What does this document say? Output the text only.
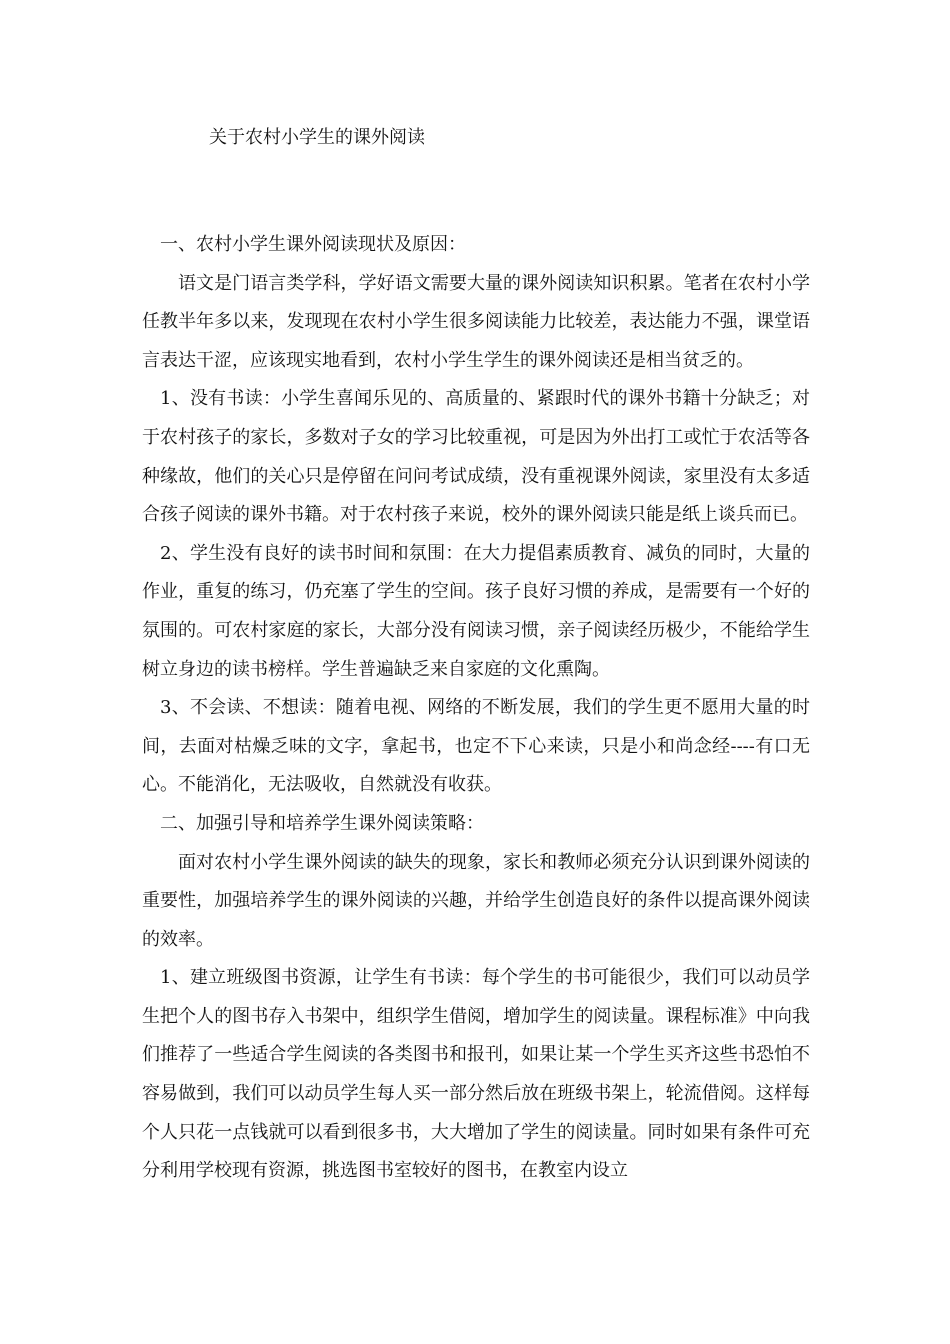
关于农村小学生的课外阅读

一、农村小学生课外阅读现状及原因：

语文是门语言类学科，学好语文需要大量的课外阅读知识积累。笔者在农村小学任教半年多以来，发现现在农村小学生很多阅读能力比较差，表达能力不强，课堂语言表达干涩，应该现实地看到，农村小学生学生的课外阅读还是相当贫乏的。

1、没有书读：小学生喜闻乐见的、高质量的、紧跟时代的课外书籍十分缺乏；对于农村孩子的家长，多数对子女的学习比较重视，可是因为外出打工或忙于农活等各种缘故，他们的关心只是停留在问问考试成绩，没有重视课外阅读，家里没有太多适合孩子阅读的课外书籍。对于农村孩子来说，校外的课外阅读只能是纸上谈兵而已。

2、学生没有良好的读书时间和氛围：在大力提倡素质教育、减负的同时，大量的作业，重复的练习，仍充塞了学生的空间。孩子良好习惯的养成，是需要有一个好的氛围的。可农村家庭的家长，大部分没有阅读习惯，亲子阅读经历极少，不能给学生树立身边的读书榜样。学生普遍缺乏来自家庭的文化熏陶。

3、不会读、不想读：随着电视、网络的不断发展，我们的学生更不愿用大量的时间，去面对枯燥乏味的文字，拿起书，也定不下心来读，只是小和尚念经----有口无心。不能消化，无法吸收，自然就没有收获。

二、加强引导和培养学生课外阅读策略：

面对农村小学生课外阅读的缺失的现象，家长和教师必须充分认识到课外阅读的重要性，加强培养学生的课外阅读的兴趣，并给学生创造良好的条件以提高课外阅读的效率。

1、建立班级图书资源，让学生有书读：每个学生的书可能很少，我们可以动员学生把个人的图书存入书架中，组织学生借阅，增加学生的阅读量。课程标准》中向我们推荐了一些适合学生阅读的各类图书和报刊，如果让某一个学生买齐这些书恐怕不容易做到，我们可以动员学生每人买一部分然后放在班级书架上，轮流借阅。这样每个人只花一点钱就可以看到很多书，大大增加了学生的阅读量。同时如果有条件可充分利用学校现有资源，挑选图书室较好的图书，在教室内设立
